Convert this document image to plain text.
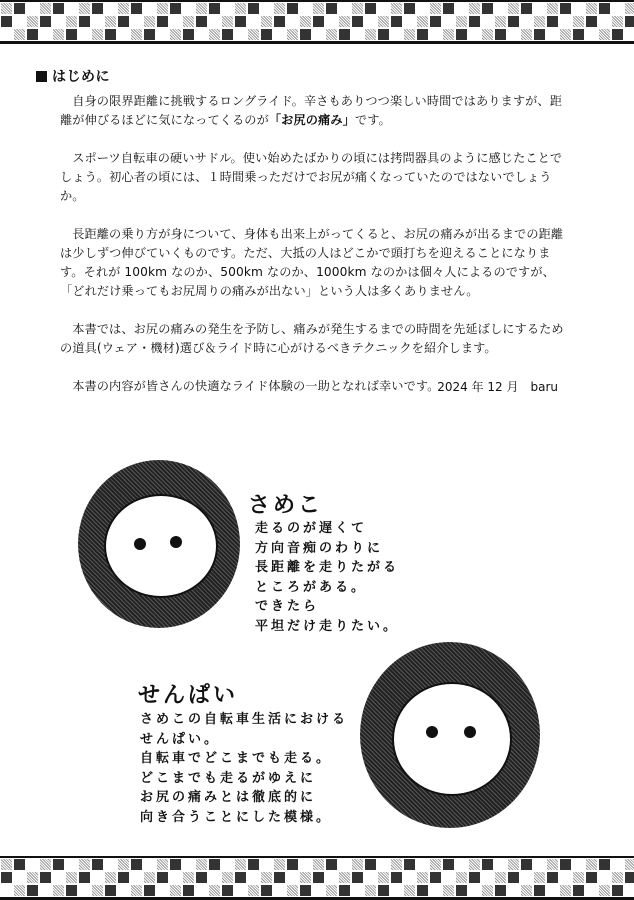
はじめに

自身の限界距離に挑戦するロングライド。辛さもありつつ楽しい時間ではありますが、距離が伸びるほどに気になってくるのが「お尻の痛み」です。

スポーツ自転車の硬いサドル。使い始めたばかりの頃には拷問器具のように感じたことでしょう。初心者の頃には、１時間乗っただけでお尻が痛くなっていたのではないでしょうか。

長距離の乗り方が身について、身体も出来上がってくると、お尻の痛みが出るまでの距離は少しずつ伸びていくものです。ただ、大抵の人はどこかで頭打ちを迎えることになります。それが 100km なのか、500km なのか、1000km なのかは個々人によるのですが、「どれだけ乗ってもお尻周りの痛みが出ない」という人は多くありません。

本書では、お尻の痛みの発生を予防し、痛みが発生するまでの時間を先延ばしにするための道具(ウェア・機材)選び＆ライド時に心がけるべきテクニックを紹介します。

本書の内容が皆さんの快適なライド体験の一助となれば幸いです。

2024 年 12 月　baru
さめこ
走るのが遅くて
方向音痴のわりに
長距離を走りたがる
ところがある。
できたら
平坦だけ走りたい。
せんぱい
さめこの自転車生活における
せんぱい。
自転車でどこまでも走る。
どこまでも走るがゆえに
お尻の痛みとは徹底的に
向き合うことにした模様。
